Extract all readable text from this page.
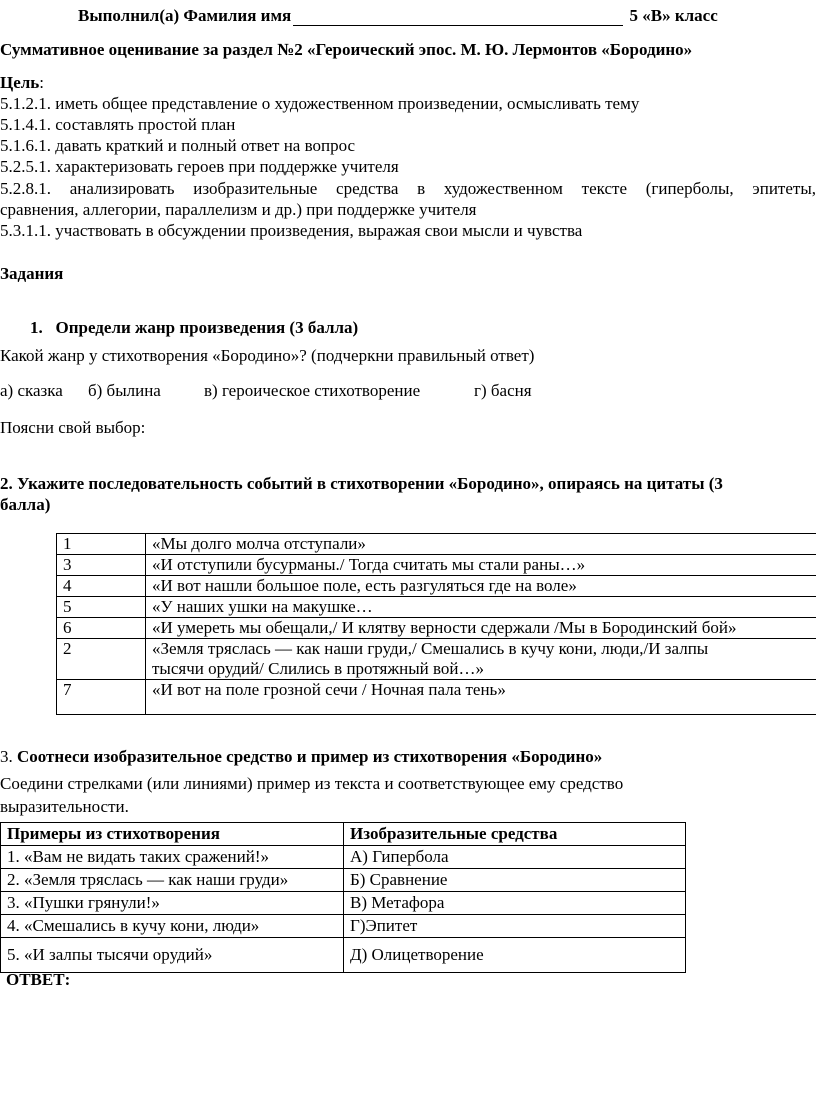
Выполнил(а) Фамилия имя	5 «В» класс
Суммативное оценивание за раздел №2 «Героический эпос. М. Ю. Лермонтов «Бородино»
Цель:
5.1.2.1. иметь общее представление о художественном произведении, осмысливать тему
5.1.4.1. составлять простой план
5.1.6.1. давать краткий и полный ответ на вопрос
5.2.5.1. характеризовать героев при поддержке учителя
5.2.8.1. анализировать изобразительные средства в художественном тексте (гиперболы, эпитеты,
сравнения, аллегории, параллелизм и др.) при поддержке учителя
5.3.1.1. участвовать в обсуждении произведения, выражая свои мысли и чувства
Задания
1. Определи жанр произведения (3 балла)
Какой жанр у стихотворения «Бородино»? (подчеркни правильный ответ)
а) сказка б) былина	в) героическое стихотворение	г) басня
Поясни свой выбор:
2. Укажите последовательность событий в стихотворении «Бородино», опираясь на цитаты (3
балла)
1	«Мы долго молча отступали»
3	«И отступили бусурманы./ Тогда считать мы стали раны…»
4	«И вот нашли большое поле, есть разгуляться где на воле»
5	«У наших ушки на макушке…
6	«И умереть мы обещали,/ И клятву верности сдержали /Мы в Бородинский бой»
2	«Земля тряслась — как наши груди,/ Смешались в кучу кони, люди,/И залпы
тысячи орудий/ Слились в протяжный вой…»

7	«И вот на поле грозной сечи / Ночная пала тень»
3. Соотнеси изобразительное средство и пример из стихотворения «Бородино»
Соедини стрелками (или линиями) пример из текста и соответствующее ему средство
выразительности.
Примеры из стихотворения	Изобразительные средства
1. «Вам не видать таких сражений!»	А) Гипербола
2. «Земля тряслась — как наши груди»	Б) Сравнение
3. «Пушки грянули!»	В) Метафора
4. «Смешались в кучу кони, люди»	Г)Эпитет
5. «И залпы тысячи орудий»	Д) Олицетворение
ОТВЕТ:
